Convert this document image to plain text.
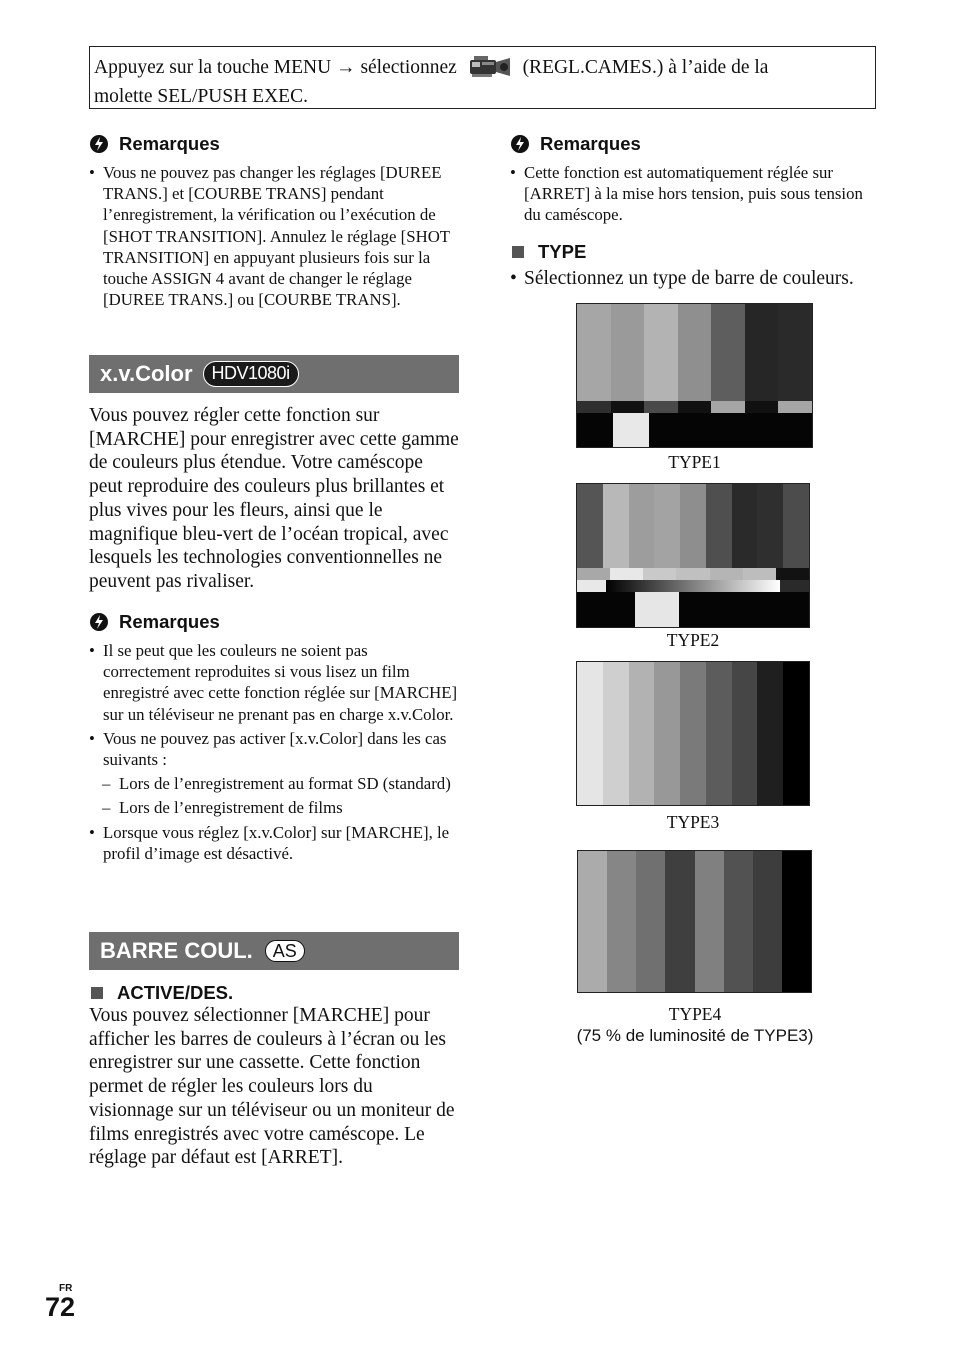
Appuyez sur la touche MENU → sélectionnez	(REGL.CAMES.) à l’aide de la
molette SEL/PUSH EXEC.
Remarques
• Vous ne pouvez pas changer les réglages [DUREE TRANS.] et [COURBE TRANS] pendant l’enregistrement, la vérification ou l’exécution de [SHOT TRANSITION]. Annulez le réglage [SHOT TRANSITION] en appuyant plusieurs fois sur la touche ASSIGN 4 avant de changer le réglage [DUREE TRANS.] ou [COURBE TRANS].
x.v.Color	HDV1080i

Vous pouvez régler cette fonction sur [MARCHE] pour enregistrer avec cette gamme de couleurs plus étendue. Votre caméscope peut reproduire des couleurs plus brillantes et plus vives pour les fleurs, ainsi que le magnifique bleu-vert de l’océan tropical, avec lesquels les technologies conventionnelles ne peuvent pas rivaliser.

Remarques
• Il se peut que les couleurs ne soient pas correctement reproduites si vous lisez un film enregistré avec cette fonction réglée sur [MARCHE] sur un téléviseur ne prenant pas en charge x.v.Color.
• Vous ne pouvez pas activer [x.v.Color] dans les cas suivants :
– Lors de l’enregistrement au format SD (standard)
– Lors de l’enregistrement de films
• Lorsque vous réglez [x.v.Color] sur [MARCHE], le profil d’image est désactivé.
BARRE COUL.	AS
ACTIVE/DES.

Vous pouvez sélectionner [MARCHE] pour afficher les barres de couleurs à l’écran ou les enregistrer sur une cassette. Cette fonction permet de régler les couleurs lors du visionnage sur un téléviseur ou un moniteur de films enregistrés avec votre caméscope. Le réglage par défaut est [ARRET].

Remarques
• Cette fonction est automatiquement réglée sur [ARRET] à la mise hors tension, puis sous tension du caméscope.
TYPE
• Sélectionnez un type de barre de couleurs.
TYPE1
TYPE2
TYPE3
TYPE4
(75 % de luminosité de TYPE3)
FR
72
